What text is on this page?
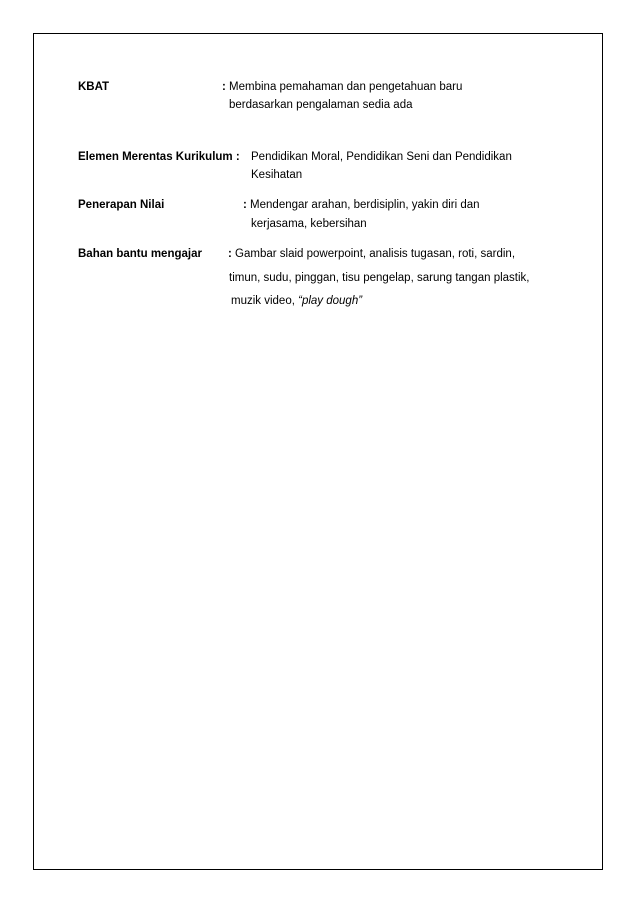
KBAT	: Membina pemahaman dan pengetahuan baru
berdasarkan pengalaman sedia ada
Elemen Merentas Kurikulum : Pendidikan Moral, Pendidikan Seni dan Pendidikan
Kesihatan
Penerapan Nilai	: Mendengar arahan, berdisiplin, yakin diri dan
kerjasama, kebersihan
Bahan bantu mengajar : Gambar slaid powerpoint, analisis tugasan, roti, sardin,
timun, sudu, pinggan, tisu pengelap, sarung tangan plastik,
muzik video, “play dough”
